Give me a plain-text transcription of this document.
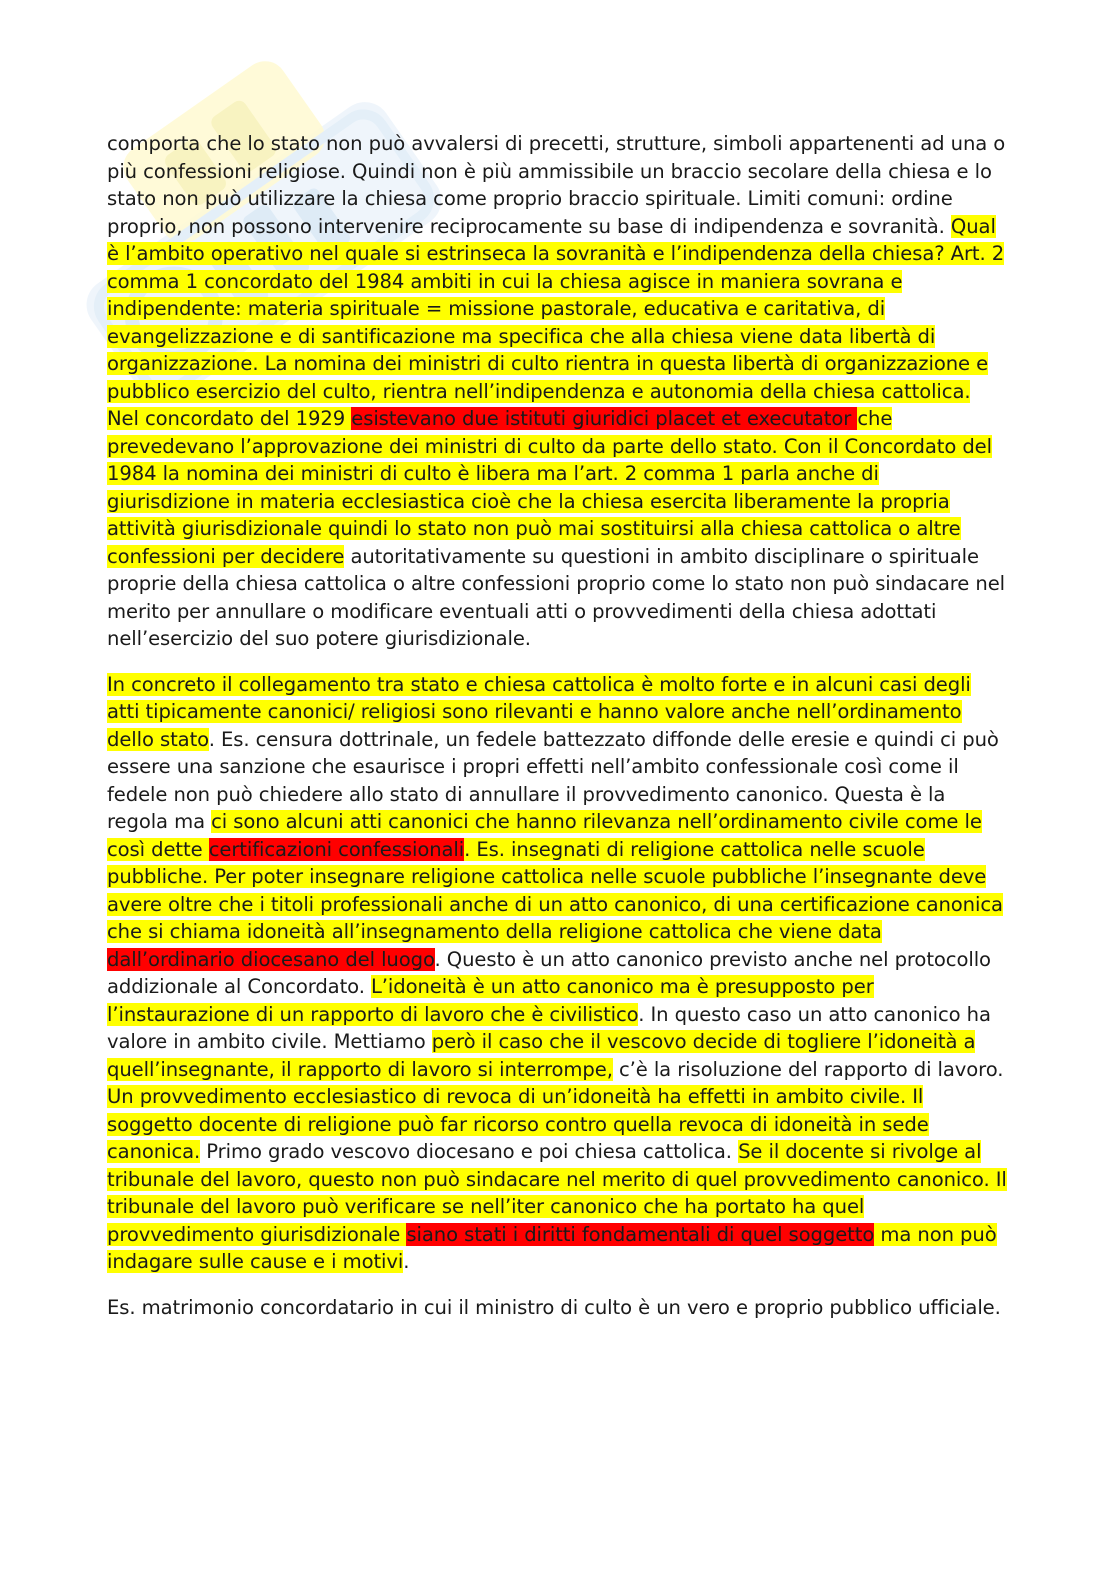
comporta che lo stato non può avvalersi di precetti, strutture, simboli appartenenti ad una o più confessioni religiose. Quindi non è più ammissibile un braccio secolare della chiesa e lo stato non può utilizzare la chiesa come proprio braccio spirituale. Limiti comuni: ordine proprio, non possono intervenire reciprocamente su base di indipendenza e sovranità. Qual è l’ambito operativo nel quale si estrinseca la sovranità e l’indipendenza della chiesa? Art. 2 comma 1 concordato del 1984 ambiti in cui la chiesa agisce in maniera sovrana e indipendente: materia spirituale = missione pastorale, educativa e caritativa, di evangelizzazione e di santificazione ma specifica che alla chiesa viene data libertà di organizzazione. La nomina dei ministri di culto rientra in questa libertà di organizzazione e pubblico esercizio del culto, rientra nell’indipendenza e autonomia della chiesa cattolica. Nel concordato del 1929 esistevano due istituti giuridici placet et executator che prevedevano l’approvazione dei ministri di culto da parte dello stato. Con il Concordato del 1984 la nomina dei ministri di culto è libera ma l’art. 2 comma 1 parla anche di giurisdizione in materia ecclesiastica cioè che la chiesa esercita liberamente la propria attività giurisdizionale quindi lo stato non può mai sostituirsi alla chiesa cattolica o altre confessioni per decidere autoritativamente su questioni in ambito disciplinare o spirituale proprie della chiesa cattolica o altre confessioni proprio come lo stato non può sindacare nel merito per annullare o modificare eventuali atti o provvedimenti della chiesa adottati nell’esercizio del suo potere giurisdizionale.

In concreto il collegamento tra stato e chiesa cattolica è molto forte e in alcuni casi degli atti tipicamente canonici/ religiosi sono rilevanti e hanno valore anche nell’ordinamento dello stato. Es. censura dottrinale, un fedele battezzato diffonde delle eresie e quindi ci può essere una sanzione che esaurisce i propri effetti nell’ambito confessionale così come il fedele non può chiedere allo stato di annullare il provvedimento canonico. Questa è la regola ma ci sono alcuni atti canonici che hanno rilevanza nell’ordinamento civile come le così dette certificazioni confessionali. Es. insegnati di religione cattolica nelle scuole pubbliche. Per poter insegnare religione cattolica nelle scuole pubbliche l’insegnante deve avere oltre che i titoli professionali anche di un atto canonico, di una certificazione canonica che si chiama idoneità all’insegnamento della religione cattolica che viene data dall’ordinario diocesano del luogo. Questo è un atto canonico previsto anche nel protocollo addizionale al Concordato. L’idoneità è un atto canonico ma è presupposto per l’instaurazione di un rapporto di lavoro che è civilistico. In questo caso un atto canonico ha valore in ambito civile. Mettiamo però il caso che il vescovo decide di togliere l’idoneità a quell’insegnante, il rapporto di lavoro si interrompe, c’è la risoluzione del rapporto di lavoro. Un provvedimento ecclesiastico di revoca di un’idoneità ha effetti in ambito civile. Il soggetto docente di religione può far ricorso contro quella revoca di idoneità in sede canonica. Primo grado vescovo diocesano e poi chiesa cattolica. Se il docente si rivolge al tribunale del lavoro, questo non può sindacare nel merito di quel provvedimento canonico. Il tribunale del lavoro può verificare se nell’iter canonico che ha portato ha quel provvedimento giurisdizionale siano stati i diritti fondamentali di quel soggetto ma non può indagare sulle cause e i motivi.

Es. matrimonio concordatario in cui il ministro di culto è un vero e proprio pubblico ufficiale.
